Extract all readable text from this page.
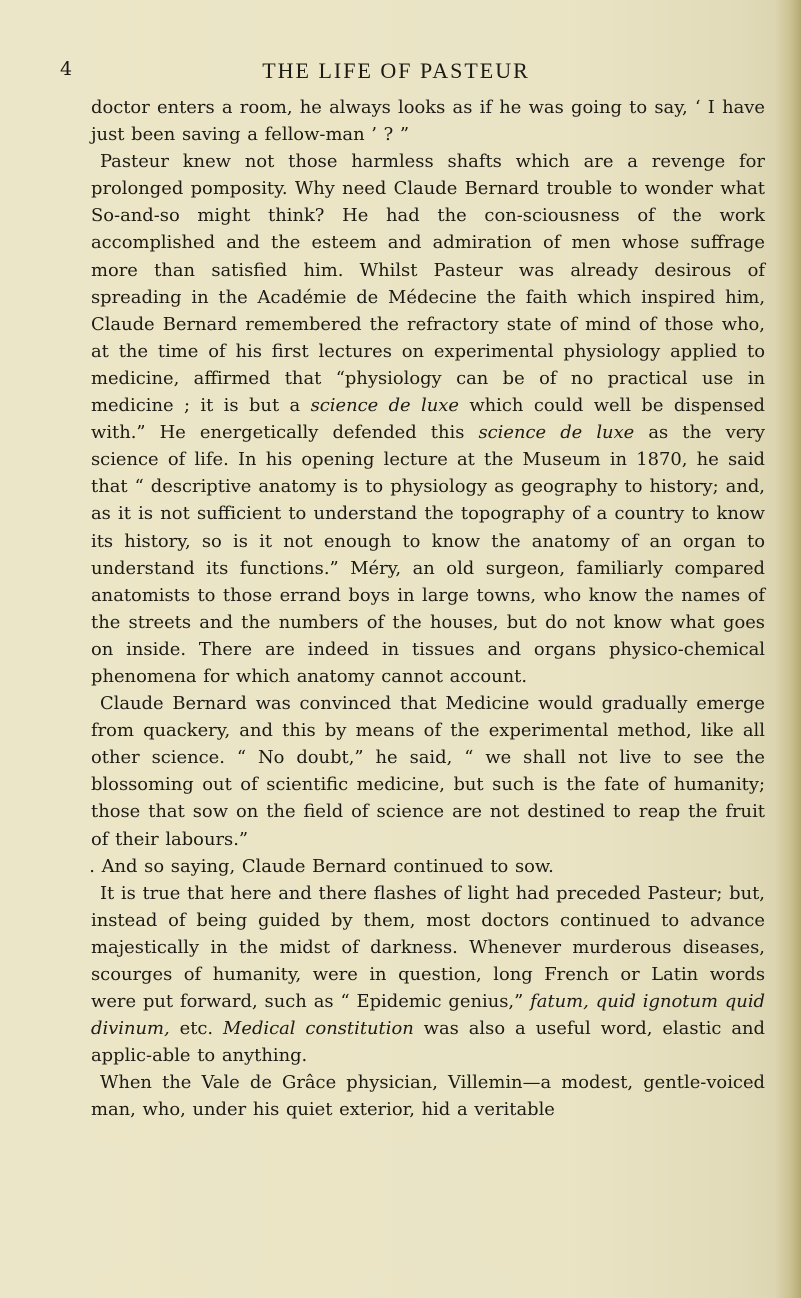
4	THE LIFE OF PASTEUR

doctor enters a room, he always looks as if he was going to say, ‘ I have just been saving a fellow-man ’ ? ”

Pasteur knew not those harmless shafts which are a revenge for prolonged pomposity. Why need Claude Bernard trouble to wonder what So-and-so might think? He had the con-sciousness of the work accomplished and the esteem and admiration of men whose suffrage more than satisfied him. Whilst Pasteur was already desirous of spreading in the Académie de Médecine the faith which inspired him, Claude Bernard remembered the refractory state of mind of those who, at the time of his first lectures on experimental physiology applied to medicine, affirmed that “physiology can be of no practical use in medicine ; it is but a science de luxe which could well be dispensed with.” He energetically defended this science de luxe as the very science of life. In his opening lecture at the Museum in 1870, he said that “ descriptive anatomy is to physiology as geography to history; and, as it is not sufficient to understand the topography of a country to know its history, so is it not enough to know the anatomy of an organ to understand its functions.” Méry, an old surgeon, familiarly compared anatomists to those errand boys in large towns, who know the names of the streets and the numbers of the houses, but do not know what goes on inside. There are indeed in tissues and organs physico-chemical phenomena for which anatomy cannot account.

Claude Bernard was convinced that Medicine would gradually emerge from quackery, and this by means of the experimental method, like all other science. “ No doubt,” he said, “ we shall not live to see the blossoming out of scientific medicine, but such is the fate of humanity; those that sow on the field of science are not destined to reap the fruit of their labours.”

. And so saying, Claude Bernard continued to sow.

It is true that here and there flashes of light had preceded Pasteur; but, instead of being guided by them, most doctors continued to advance majestically in the midst of darkness. Whenever murderous diseases, scourges of humanity, were in question, long French or Latin words were put forward, such as “ Epidemic genius,” fatum, quid ignotum quid divinum, etc. Medical constitution was also a useful word, elastic and applic-able to anything.

When the Vale de Grâce physician, Villemin—a modest, gentle-voiced man, who, under his quiet exterior, hid a veritable
